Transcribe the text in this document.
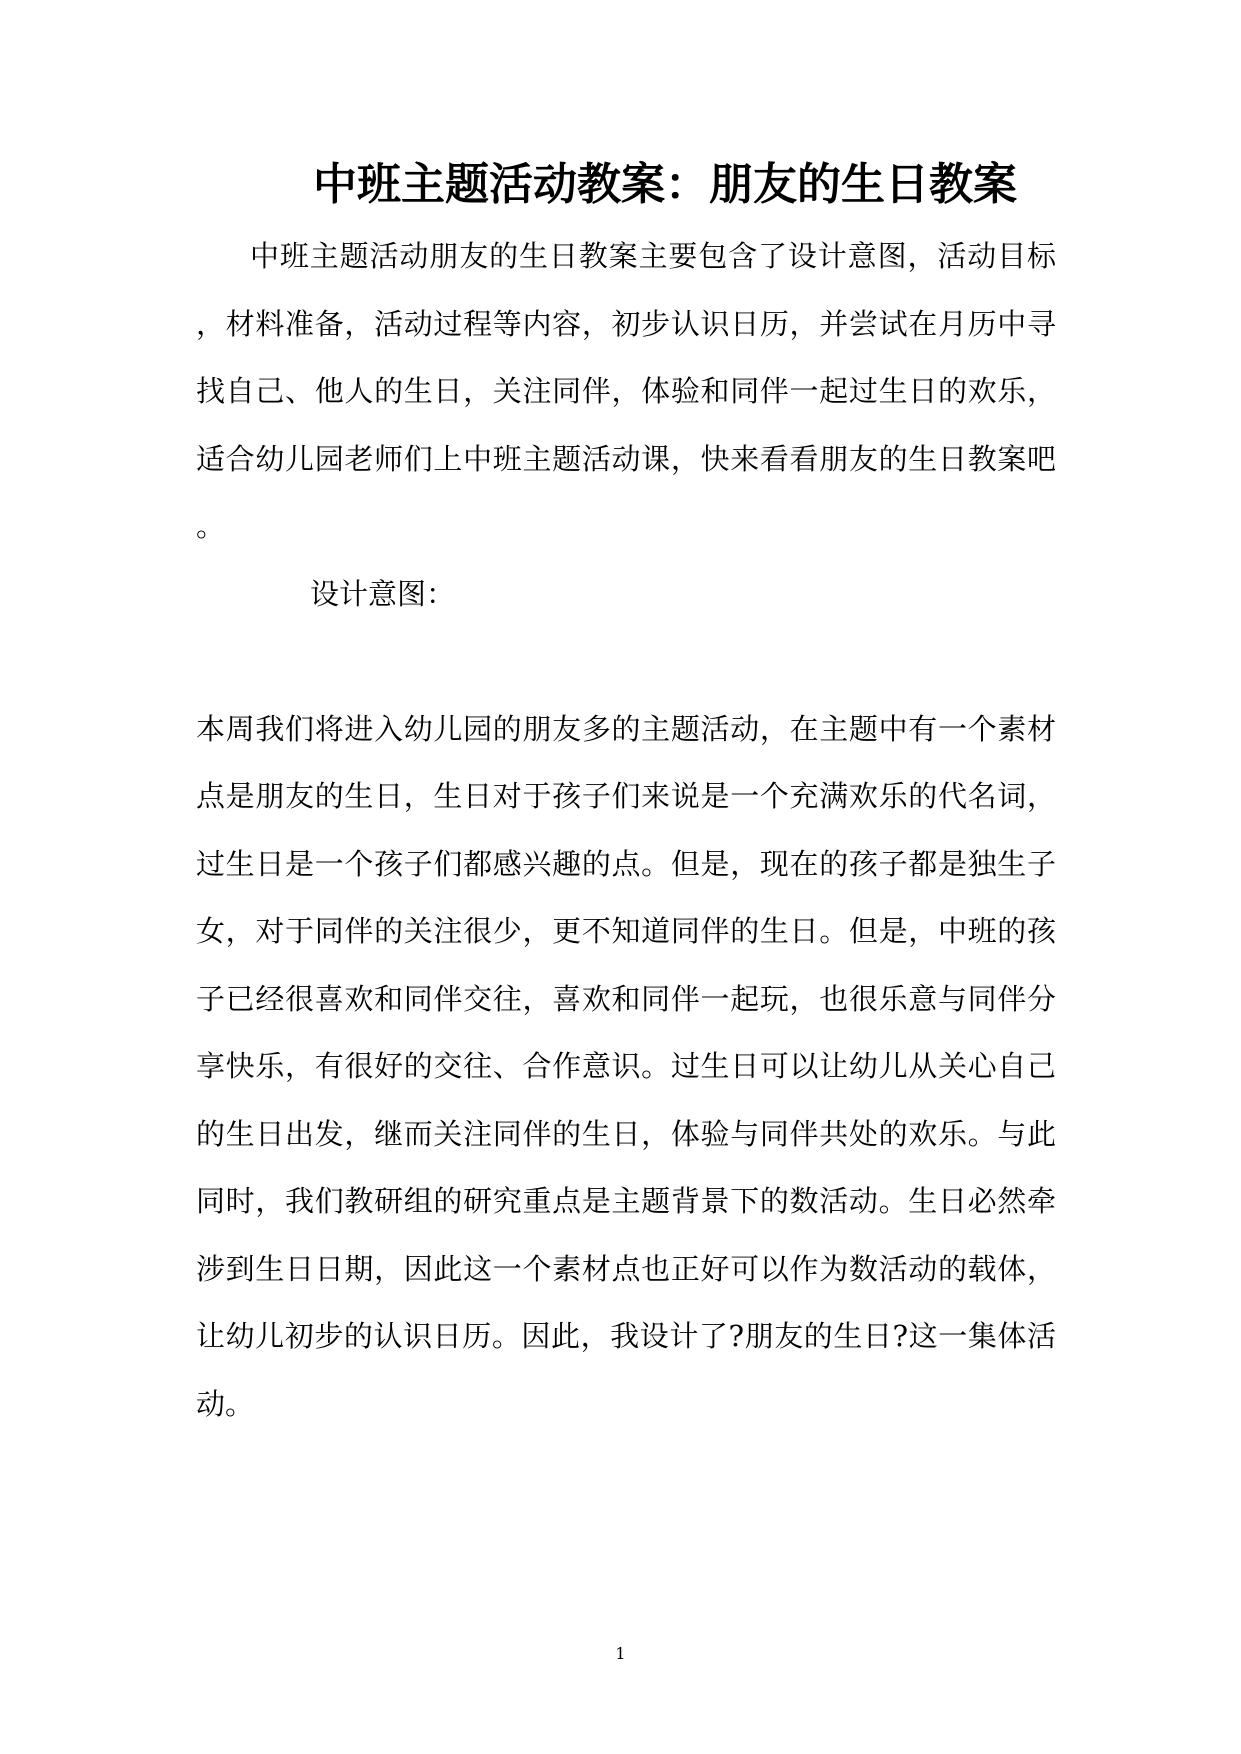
中班主题活动教案：朋友的生日教案
中班主题活动朋友的生日教案主要包含了设计意图，活动目标
，材料准备，活动过程等内容，初步认识日历，并尝试在月历中寻
找自己、他人的生日，关注同伴，体验和同伴一起过生日的欢乐，
适合幼儿园老师们上中班主题活动课，快来看看朋友的生日教案吧
。
设计意图：
本周我们将进入幼儿园的朋友多的主题活动，在主题中有一个素材
点是朋友的生日，生日对于孩子们来说是一个充满欢乐的代名词，
过生日是一个孩子们都感兴趣的点。但是，现在的孩子都是独生子
女，对于同伴的关注很少，更不知道同伴的生日。但是，中班的孩
子已经很喜欢和同伴交往，喜欢和同伴一起玩，也很乐意与同伴分
享快乐，有很好的交往、合作意识。过生日可以让幼儿从关心自己
的生日出发，继而关注同伴的生日，体验与同伴共处的欢乐。与此
同时，我们教研组的研究重点是主题背景下的数活动。生日必然牵
涉到生日日期，因此这一个素材点也正好可以作为数活动的载体，
让幼儿初步的认识日历。因此，我设计了?朋友的生日?这一集体活
动。
1
